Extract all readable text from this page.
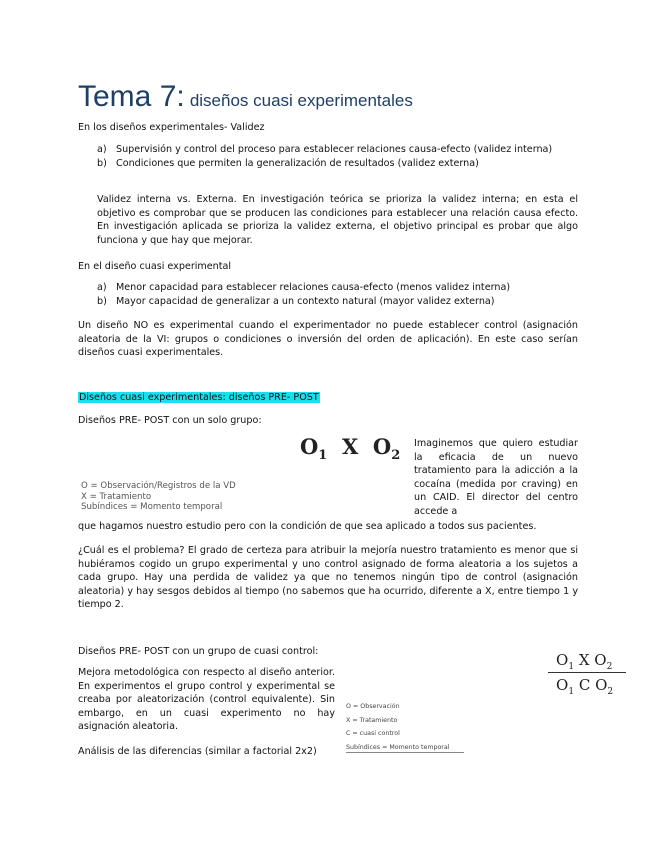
Tema 7: diseños cuasi experimentales
En los diseños experimentales- Validez
a) Supervisión y control del proceso para establecer relaciones causa-efecto (validez interna)
b) Condiciones que permiten la generalización de resultados (validez externa)
Validez interna vs. Externa. En investigación teórica se prioriza la validez interna; en esta el objetivo es comprobar que se producen las condiciones para establecer una relación causa efecto. En investigación aplicada se prioriza la validez externa, el objetivo principal es probar que algo funciona y que hay que mejorar.
En el diseño cuasi experimental
a) Menor capacidad para establecer relaciones causa-efecto (menos validez interna)
b) Mayor capacidad de generalizar a un contexto natural (mayor validez externa)
Un diseño NO es experimental cuando el experimentador no puede establecer control (asignación aleatoria de la VI: grupos o condiciones o inversión del orden de aplicación). En este caso serían diseños cuasi experimentales.
Diseños cuasi experimentales: diseños PRE- POST
Diseños PRE- POST con un solo grupo:
$O_1$ X $O_2$
O = Observación/Registros de la VD
X = Tratamiento
Subíndices = Momento temporal
Imaginemos que quiero estudiar la eficacia de un nuevo tratamiento para la adicción a la cocaína (medida por craving) en un CAID. El director del centro accede a
que hagamos nuestro estudio pero con la condición de que sea aplicado a todos sus pacientes.
¿Cuál es el problema? El grado de certeza para atribuir la mejoría nuestro tratamiento es menor que si hubiéramos cogido un grupo experimental y uno control asignado de forma aleatoria a los sujetos a cada grupo. Hay una perdida de validez ya que no tenemos ningún tipo de control (asignación aleatoria) y hay sesgos debidos al tiempo (no sabemos que ha ocurrido, diferente a X, entre tiempo 1 y tiempo 2.
Diseños PRE- POST con un grupo de cuasi control:	$O_1$ X $O_2$
$O_1$ C $O_2$
Mejora metodológica con respecto al diseño anterior. En experimentos el grupo control y experimental se creaba por aleatorización (control equivalente). Sin embargo, en un cuasi experimento no hay asignación aleatoria.
Análisis de las diferencias (similar a factorial 2x2)
O = Observación
X = Tratamiento
C = cuasi control
Subíndices = Momento temporal
